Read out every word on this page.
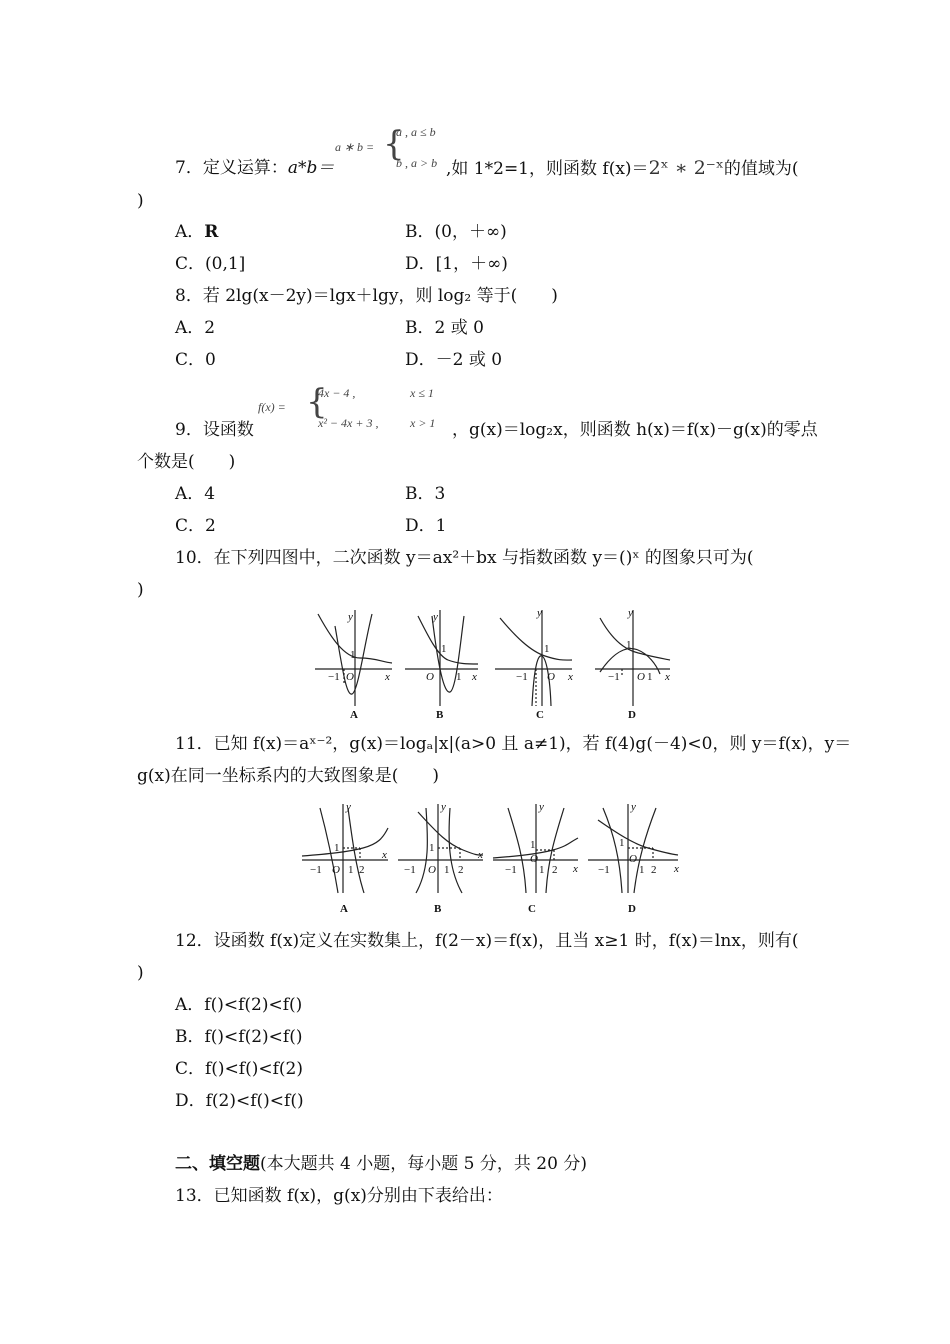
7．定义运算：a*b＝
a ∗ b = {
a , a ≤ b
b , a > b ,如 1*2=1，则函数 f(x)＝2ˣ ∗ 2⁻ˣ的值域为(
)
A．R	B．(0，＋∞)
C．(0,1]	D．[1，＋∞)
8．若 2lg(x－2y)＝lgx＋lgy，则 log₂ 等于(　　)
A．2	B．2 或 0
C．0	D．－2 或 0
9．设函数
f(x) = {
4x − 4 ,	x ≤ 1
x² − 4x + 3 ,	x > 1 ，g(x)＝log₂x，则函数 h(x)＝f(x)－g(x)的零点
个数是(　　)
A．4	B．3
C．2	D．1
10．在下列四图中，二次函数 y＝ax²＋bx 与指数函数 y＝()ˣ 的图象只可为(
)
y
x
O
−1
1
A
y
x
O
1
1
B
y
x
O
−1
1
C
y
x
O
−1 1
1
D
11．已知 f(x)＝aˣ⁻²，g(x)＝logₐ|x|(a>0 且 a≠1)，若 f(4)g(－4)<0，则 y＝f(x)，y＝
g(x)在同一坐标系内的大致图象是(　　)
y
x
1
O
−1 1 2
A
y
x
1
O
−1	1 2
B
y
x
1
O
−1 1 2
C
y
x
1
O
−1	1 2
D
12．设函数 f(x)定义在实数集上，f(2－x)＝f(x)，且当 x≥1 时，f(x)＝lnx，则有(
)
A．f()<f(2)<f()
B．f()<f(2)<f()
C．f()<f()<f(2)
D．f(2)<f()<f()
二、填空题(本大题共 4 小题，每小题 5 分，共 20 分)
13．已知函数 f(x)，g(x)分别由下表给出：
